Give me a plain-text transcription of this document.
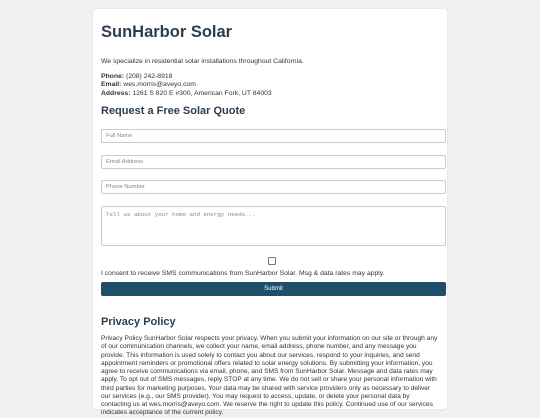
SunHarbor Solar
We specialize in residential solar installations throughout California.
Phone: (208) 242-8918
Email: wes.morris@aveyo.com
Address: 1261 S 820 E #300, American Fork, UT 84003
Request a Free Solar Quote
Full Name
Email Address
Phone Number
Tell us about your home and energy needs...
I consent to receive SMS communications from SunHarbor Solar. Msg & data rates may apply.
Submit
Privacy Policy
Privacy Policy SunHarbor Solar respects your privacy. When you submit your information on our site or through any of our communication channels, we collect your name, email address, phone number, and any message you provide. This information is used solely to contact you about our services, respond to your inquiries, and send appointment reminders or promotional offers related to solar energy solutions. By submitting your information, you agree to receive communications via email, phone, and SMS from SunHarbor Solar. Message and data rates may apply. To opt out of SMS messages, reply STOP at any time. We do not sell or share your personal information with third parties for marketing purposes. Your data may be shared with service providers only as necessary to deliver our services (e.g., our SMS provider). You may request to access, update, or delete your personal data by contacting us at wes.morris@aveyo.com. We reserve the right to update this policy. Continued use of our services indicates acceptance of the current policy.
